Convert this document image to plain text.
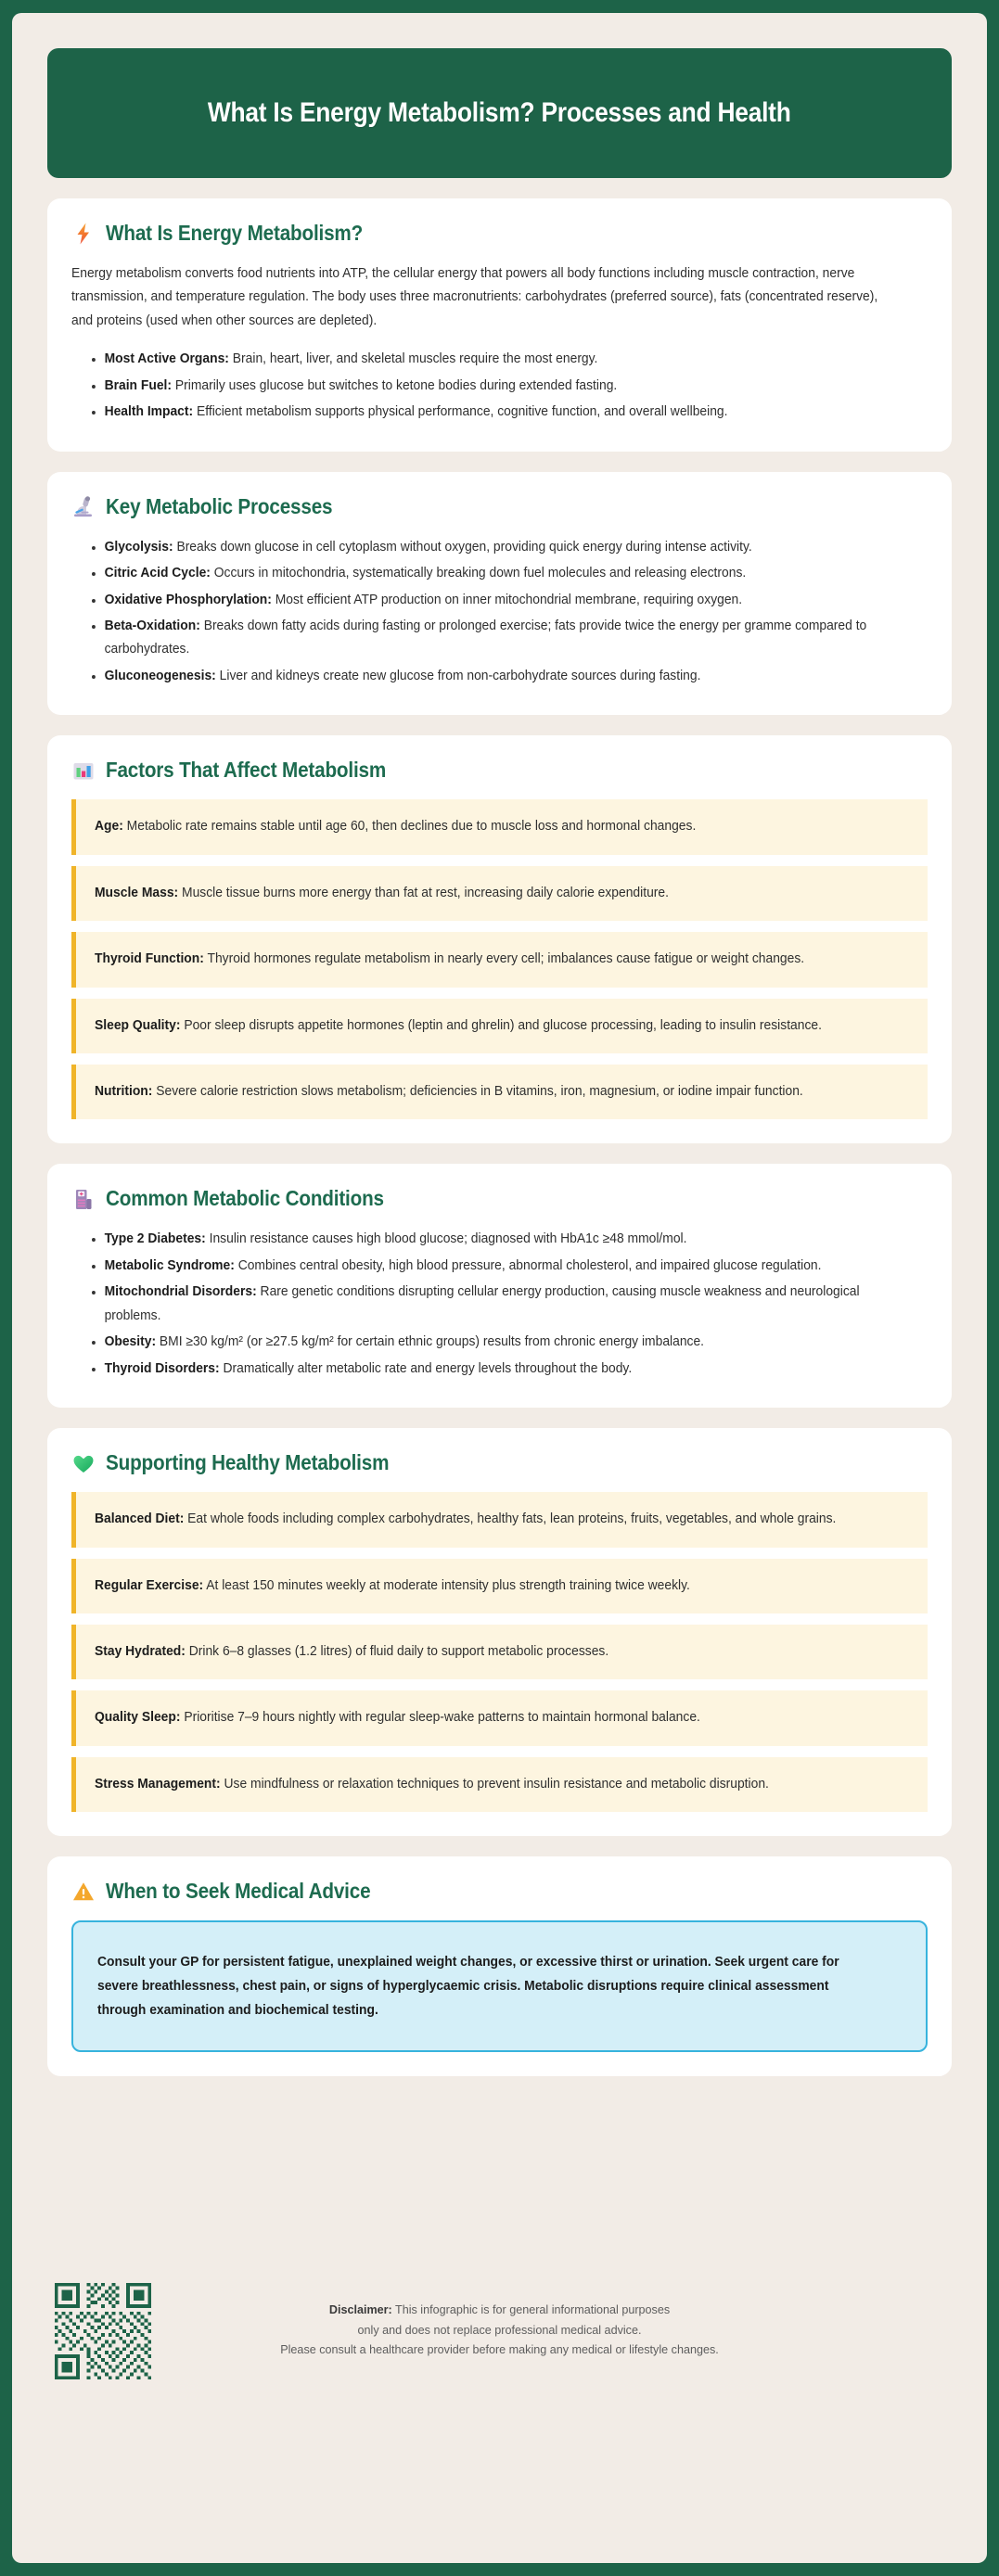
What Is Energy Metabolism? Processes and Health
What Is Energy Metabolism?

Energy metabolism converts food nutrients into ATP, the cellular energy that powers all body functions including muscle contraction, nerve transmission, and temperature regulation. The body uses three macronutrients: carbohydrates (preferred source), fats (concentrated reserve), and proteins (used when other sources are depleted).

Most Active Organs: Brain, heart, liver, and skeletal muscles require the most energy.
Brain Fuel: Primarily uses glucose but switches to ketone bodies during extended fasting.
Health Impact: Efficient metabolism supports physical performance, cognitive function, and overall wellbeing.
Key Metabolic Processes
Glycolysis: Breaks down glucose in cell cytoplasm without oxygen, providing quick energy during intense activity.
Citric Acid Cycle: Occurs in mitochondria, systematically breaking down fuel molecules and releasing electrons.
Oxidative Phosphorylation: Most efficient ATP production on inner mitochondrial membrane, requiring oxygen.
Beta-Oxidation: Breaks down fatty acids during fasting or prolonged exercise; fats provide twice the energy per gramme compared to carbohydrates.
Gluconeogenesis: Liver and kidneys create new glucose from non-carbohydrate sources during fasting.
Factors That Affect Metabolism
Age: Metabolic rate remains stable until age 60, then declines due to muscle loss and hormonal changes.
Muscle Mass: Muscle tissue burns more energy than fat at rest, increasing daily calorie expenditure.
Thyroid Function: Thyroid hormones regulate metabolism in nearly every cell; imbalances cause fatigue or weight changes.
Sleep Quality: Poor sleep disrupts appetite hormones (leptin and ghrelin) and glucose processing, leading to insulin resistance.
Nutrition: Severe calorie restriction slows metabolism; deficiencies in B vitamins, iron, magnesium, or iodine impair function.
Common Metabolic Conditions
Type 2 Diabetes: Insulin resistance causes high blood glucose; diagnosed with HbA1c ≥48 mmol/mol.
Metabolic Syndrome: Combines central obesity, high blood pressure, abnormal cholesterol, and impaired glucose regulation.
Mitochondrial Disorders: Rare genetic conditions disrupting cellular energy production, causing muscle weakness and neurological problems.
Obesity: BMI ≥30 kg/m² (or ≥27.5 kg/m² for certain ethnic groups) results from chronic energy imbalance.
Thyroid Disorders: Dramatically alter metabolic rate and energy levels throughout the body.
Supporting Healthy Metabolism
Balanced Diet: Eat whole foods including complex carbohydrates, healthy fats, lean proteins, fruits, vegetables, and whole grains.
Regular Exercise: At least 150 minutes weekly at moderate intensity plus strength training twice weekly.
Stay Hydrated: Drink 6–8 glasses (1.2 litres) of fluid daily to support metabolic processes.
Quality Sleep: Prioritise 7–9 hours nightly with regular sleep-wake patterns to maintain hormonal balance.
Stress Management: Use mindfulness or relaxation techniques to prevent insulin resistance and metabolic disruption.
When to Seek Medical Advice
Consult your GP for persistent fatigue, unexplained weight changes, or excessive thirst or urination. Seek urgent care for severe breathlessness, chest pain, or signs of hyperglycaemic crisis. Metabolic disruptions require clinical assessment through examination and biochemical testing.
Disclaimer: This infographic is for general informational purposes
only and does not replace professional medical advice.
Please consult a healthcare provider before making any medical or lifestyle changes.
